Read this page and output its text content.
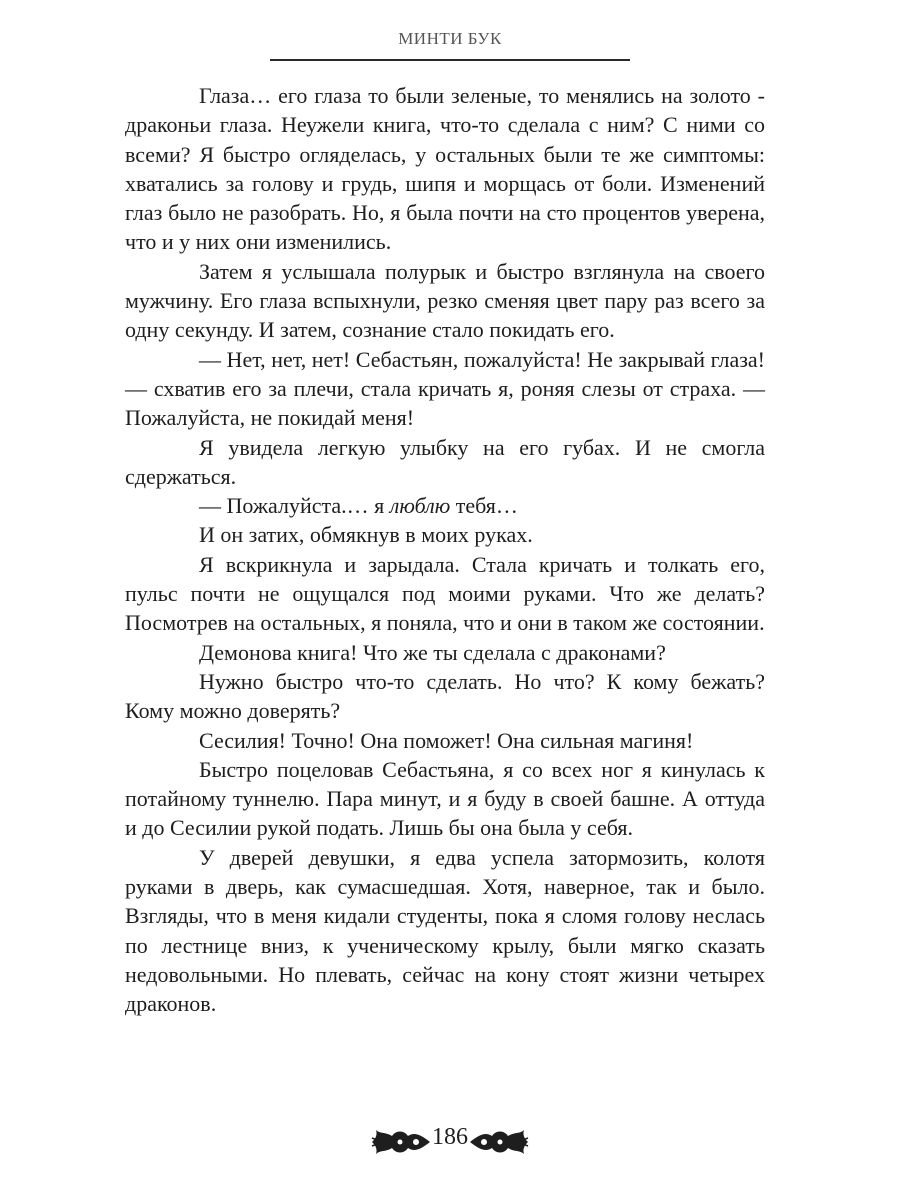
МИНТИ БУК

Глаза… его глаза то были зеленые, то менялись на золото - драконьи глаза. Неужели книга, что-то сделала с ним? С ними со всеми? Я быстро огляделась, у остальных были те же симптомы: хватались за голову и грудь, шипя и морщась от боли. Изменений глаз было не разобрать. Но, я была почти на сто процентов уверена, что и у них они изменились.

Затем я услышала полурык и быстро взглянула на своего мужчину. Его глаза вспыхнули, резко сменяя цвет пару раз всего за одну секунду. И затем, сознание стало покидать его.

— Нет, нет, нет! Себастьян, пожалуйста! Не закрывай глаза! — схватив его за плечи, стала кричать я, роняя слезы от страха. — Пожалуйста, не покидай меня!

Я увидела легкую улыбку на его губах. И не смогла сдержаться.

— Пожалуйста.… я люблю тебя…

И он затих, обмякнув в моих руках.

Я вскрикнула и зарыдала. Стала кричать и толкать его, пульс почти не ощущался под моими руками. Что же делать? Посмотрев на остальных, я поняла, что и они в таком же состоянии.

Демонова книга! Что же ты сделала с драконами?

Нужно быстро что-то сделать. Но что? К кому бежать? Кому можно доверять?

Сесилия! Точно! Она поможет! Она сильная магиня!

Быстро поцеловав Себастьяна, я со всех ног я кинулась к потайному туннелю. Пара минут, и я буду в своей башне. А оттуда и до Сесилии рукой подать. Лишь бы она была у себя.

У дверей девушки, я едва успела затормозить, колотя руками в дверь, как сумасшедшая. Хотя, наверное, так и было. Взгляды, что в меня кидали студенты, пока я сломя голову неслась по лестнице вниз, к ученическому крылу, были мягко сказать недовольными. Но плевать, сейчас на кону стоят жизни четырех драконов.

186
